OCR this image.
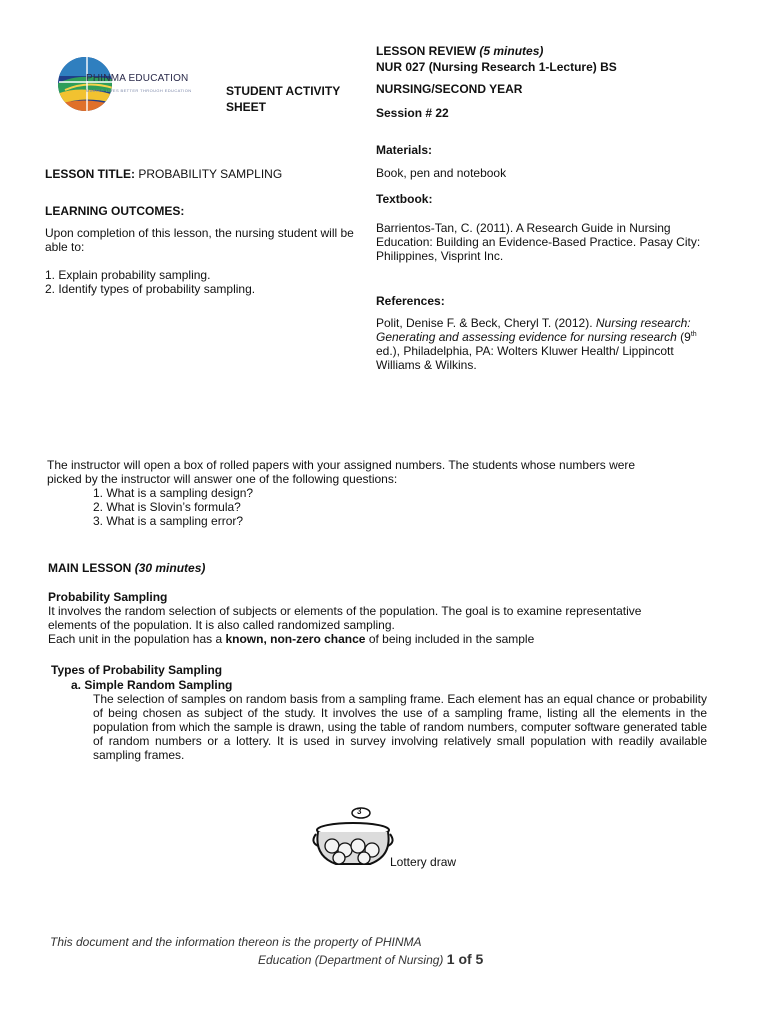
PHINMA EDUCATION
MAKING LIVES BETTER THROUGH EDUCATION	STUDENT ACTIVITY SHEET
LESSON REVIEW (5 minutes)
NUR 027 (Nursing Research 1-Lecture) BS
NURSING/SECOND YEAR
Session # 22
Materials:
Book, pen and notebook
Textbook:
Barrientos-Tan, C. (2011). A Research Guide in Nursing Education: Building an Evidence-Based Practice. Pasay City: Philippines, Visprint Inc.
References:
Polit, Denise F. & Beck, Cheryl T. (2012). Nursing research: Generating and assessing evidence for nursing research (9th ed.), Philadelphia, PA: Wolters Kluwer Health/ Lippincott Williams & Wilkins.
LESSON TITLE: PROBABILITY SAMPLING
LEARNING OUTCOMES:
Upon completion of this lesson, the nursing student will be able to:
1. Explain probability sampling.
2. Identify types of probability sampling.
The instructor will open a box of rolled papers with your assigned numbers. The students whose numbers were
picked by the instructor will answer one of the following questions:
1. What is a sampling design?
2. What is Slovin’s formula?
3. What is a sampling error?
MAIN LESSON (30 minutes)
Probability Sampling
It involves the random selection of subjects or elements of the population. The goal is to examine representative
elements of the population. It is also called randomized sampling.
Each unit in the population has a known, non-zero chance of being included in the sample
Types of Probability Sampling
a. Simple Random Sampling
The selection of samples on random basis from a sampling frame. Each element has an equal chance or probability of being chosen as subject of the study. It involves the use of a sampling frame, listing all the elements in the population from which the sample is drawn, using the table of random numbers, computer software generated table of random numbers or a lottery. It is used in survey involving relatively small population with readily available sampling frames.
3
Lottery draw
This document and the information thereon is the property of PHINMA
Education (Department of Nursing) 1 of 5
